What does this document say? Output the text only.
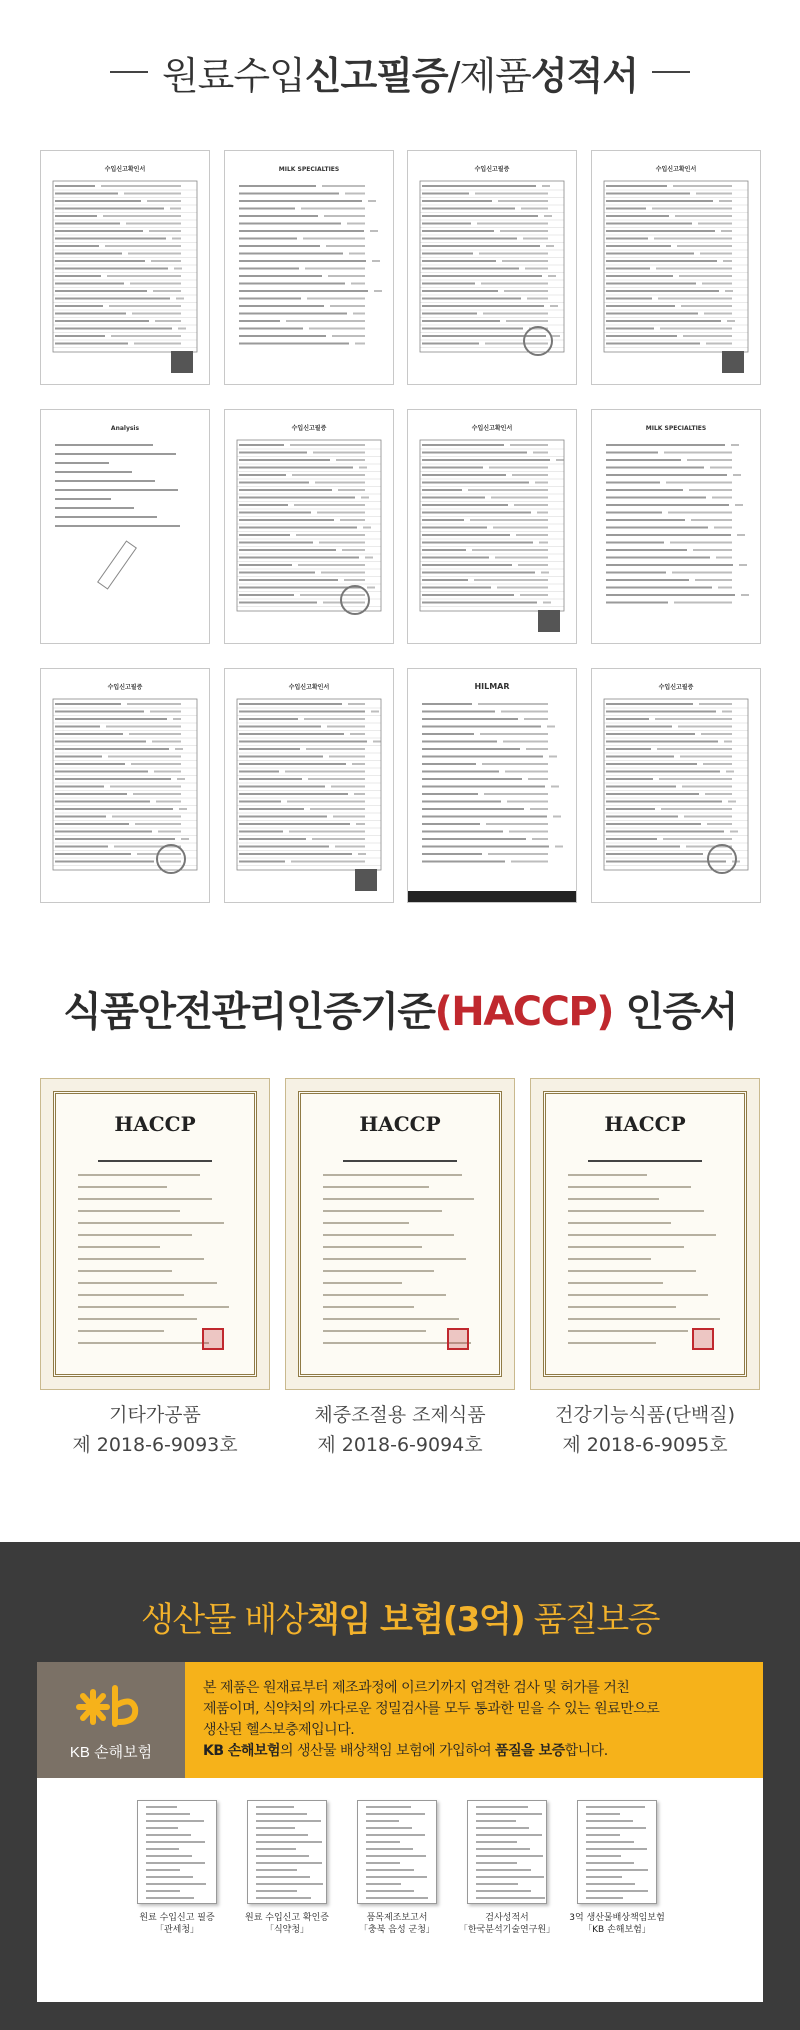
원료수입신고필증/제품성적서
수입신고확인서	MILK SPECIALTIES	수입신고필증	수입신고확인서
Analysis	수입신고필증	수입신고확인서	MILK SPECIALTIES
수입신고필증	수입신고확인서	HILMAR	수입신고필증
식품안전관리인증기준(HACCP) 인증서
HACCP	HACCP	HACCP
기타가공품
제 2018-6-9093호
체중조절용 조제식품
제 2018-6-9094호
건강기능식품(단백질)
제 2018-6-9095호
생산물 배상책임 보험(3억) 품질보증
KB 손해보험

본 제품은 원재료부터 제조과정에 이르기까지 엄격한 검사 및 허가를 거친

제품이며, 식약처의 까다로운 정밀검사를 모두 통과한 믿을 수 있는 원료만으로

생산된 헬스보충제입니다.

KB 손해보험의 생산물 배상책임 보험에 가입하여 품질을 보증합니다.

원료 수입신고 필증
「관세청」
원료 수입신고 확인증
「식약청」
품목제조보고서
「충북 음성 군청」
검사성적서
「한국분석기술연구원」
3억 생산물배상책임보험
「KB 손해보험」
